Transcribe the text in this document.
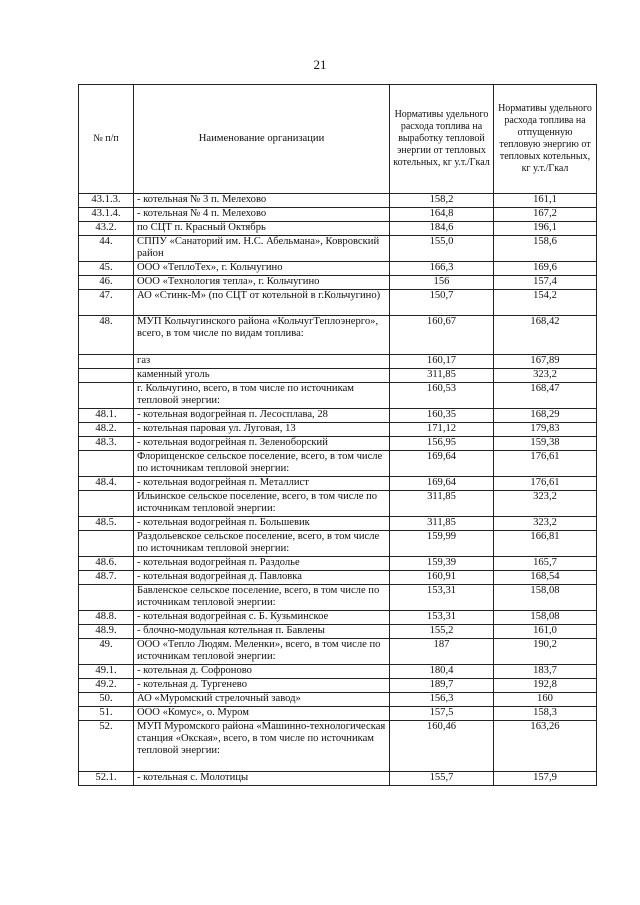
21
№ п/п	Наименование организации	Нормативы удельного расхода топлива на выработку тепловой энергии от тепловых котельных, кг у.т./Гкал	Нормативы удельного расхода топлива на отпущенную тепловую энергию от тепловых котельных, кг у.т./Гкал
43.1.3.	- котельная № 3 п. Мелехово	158,2	161,1
43.1.4.	- котельная № 4 п. Мелехово	164,8	167,2
43.2.	по СЦТ п. Красный Октябрь	184,6	196,1
44.	СППУ «Санаторий им. Н.С. Абельмана», Ковровский район	155,0	158,6
45.	ООО «ТеплоТех», г. Кольчугино	166,3	169,6
46.	ООО «Технология тепла», г. Кольчугино	156	157,4
47.	АО «Стинк-М» (по СЦТ от котельной в г.Кольчугино)	150,7	154,2
48.	МУП Кольчугинского района «КольчугТеплоэнерго», всего, в том числе по видам топлива:	160,67	168,42
	газ	160,17	167,89
	каменный уголь	311,85	323,2
	г. Кольчугино, всего, в том числе по источникам тепловой энергии:	160,53	168,47
48.1.	- котельная водогрейная п. Лесосплава, 28	160,35	168,29
48.2.	- котельная паровая ул. Луговая, 13	171,12	179,83
48.3.	- котельная водогрейная п. Зеленоборский	156,95	159,38
	Флорищенское сельское поселение, всего, в том числе по источникам тепловой энергии:	169,64	176,61
48.4.	- котельная водогрейная п. Металлист	169,64	176,61
	Ильинское сельское поселение, всего, в том числе по источникам тепловой энергии:	311,85	323,2
48.5.	- котельная водогрейная п. Большевик	311,85	323,2
	Раздольевское сельское поселение, всего, в том числе по источникам тепловой энергии:	159,99	166,81
48.6.	- котельная водогрейная п. Раздолье	159,39	165,7
48.7.	- котельная водогрейная д. Павловка	160,91	168,54
	Бавленское сельское поселение, всего, в том числе по источникам тепловой энергии:	153,31	158,08
48.8.	- котельная водогрейная с. Б. Кузьминское	153,31	158,08
48.9.	- блочно-модульная котельная п. Бавлены	155,2	161,0
49.	ООО «Тепло Людям. Меленки», всего, в том числе по источникам тепловой энергии:	187	190,2
49.1.	- котельная д. Софроново	180,4	183,7
49.2.	- котельная д. Тургенево	189,7	192,8
50.	АО «Муромский стрелочный завод»	156,3	160
51.	ООО «Комус», о. Муром	157,5	158,3
52.	МУП Муромского района «Машинно-технологическая станция «Окская», всего, в том числе по источникам тепловой энергии:	160,46	163,26
52.1.	- котельная с. Молотицы	155,7	157,9
